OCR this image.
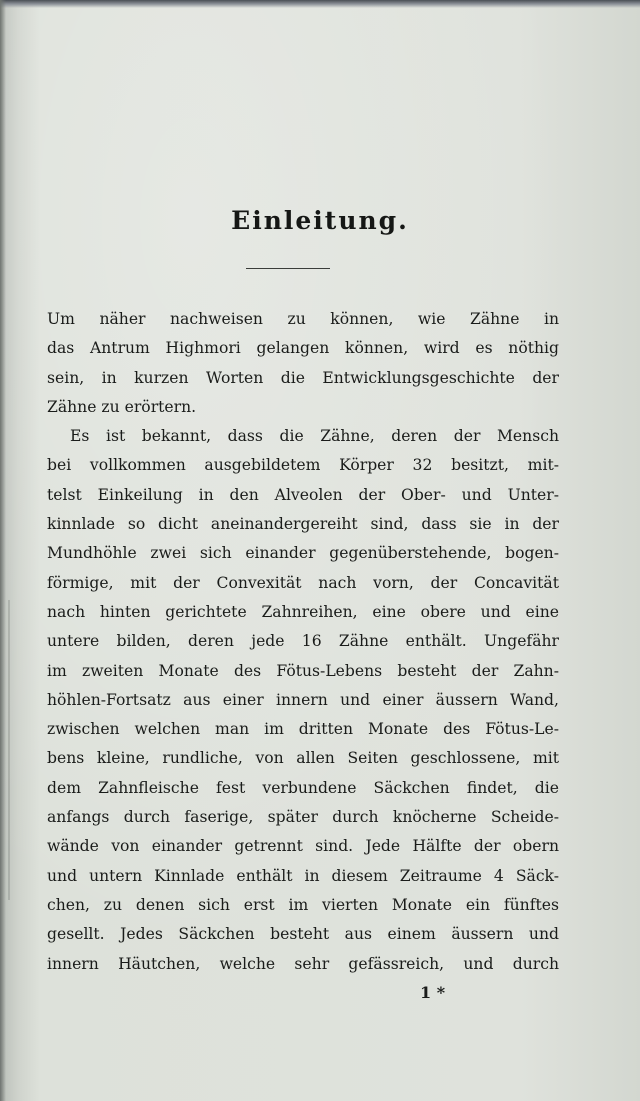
Einleitung.
Um näher nachweisen zu können, wie Zähne in
das Antrum Highmori gelangen können, wird es nöthig
sein, in kurzen Worten die Entwicklungsgeschichte der
Zähne zu erörtern.
Es ist bekannt, dass die Zähne, deren der Mensch
bei vollkommen ausgebildetem Körper 32 besitzt, mit-
telst Einkeilung in den Alveolen der Ober- und Unter-
kinnlade so dicht aneinandergereiht sind, dass sie in der
Mundhöhle zwei sich einander gegenüberstehende, bogen-
förmige, mit der Convexität nach vorn, der Concavität
nach hinten gerichtete Zahnreihen, eine obere und eine
untere bilden, deren jede 16 Zähne enthält. Ungefähr
im zweiten Monate des Fötus-Lebens besteht der Zahn-
höhlen-Fortsatz aus einer innern und einer äussern Wand,
zwischen welchen man im dritten Monate des Fötus-Le-
bens kleine, rundliche, von allen Seiten geschlossene, mit
dem Zahnfleische fest verbundene Säckchen findet, die
anfangs durch faserige, später durch knöcherne Scheide-
wände von einander getrennt sind. Jede Hälfte der obern
und untern Kinnlade enthält in diesem Zeitraume 4 Säck-
chen, zu denen sich erst im vierten Monate ein fünftes
gesellt. Jedes Säckchen besteht aus einem äussern und
innern Häutchen, welche sehr gefässreich, und durch
1 *
